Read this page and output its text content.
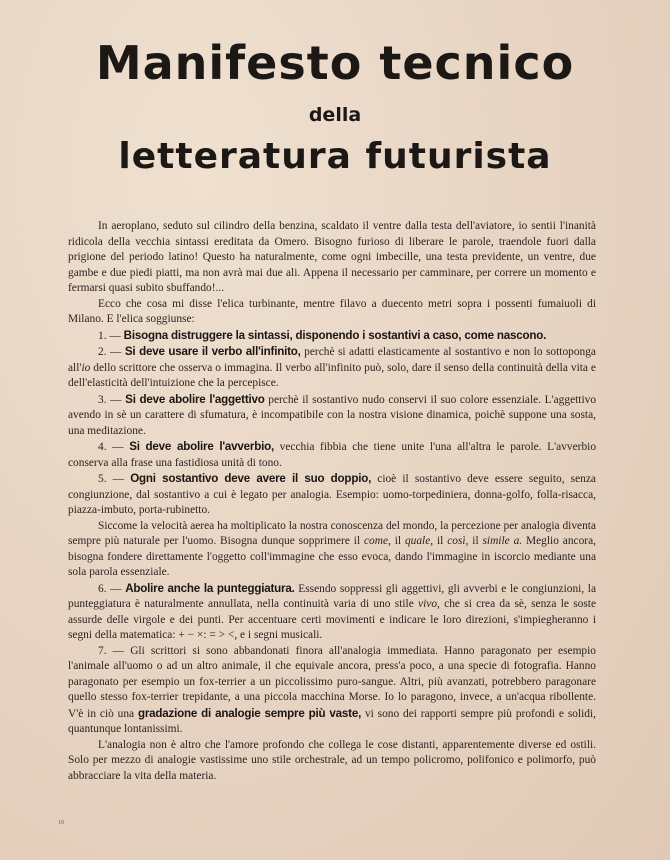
Manifesto tecnico
della
letteratura futurista

In aeroplano, seduto sul cilindro della benzina, scaldato il ventre dalla testa dell'aviatore, io sentii l'inanità ridicola della vecchia sintassi ereditata da Omero. Bisogno furioso di liberare le parole, traendole fuori dalla prigione del periodo latino! Questo ha naturalmente, come ogni imbecille, una testa previdente, un ventre, due gambe e due piedi piatti, ma non avrà mai due ali. Appena il necessario per camminare, per correre un momento e fermarsi quasi subito sbuffando!...

Ecco che cosa mi disse l'elica turbinante, mentre filavo a duecento metri sopra i possenti fumaiuoli di Milano. E l'elica soggiunse:

1. — Bisogna distruggere la sintassi, disponendo i sostantivi a caso, come nascono.

2. — Si deve usare il verbo all'infinito, perchè si adatti elasticamente al sostantivo e non lo sottoponga all'io dello scrittore che osserva o immagina. Il verbo all'infinito può, solo, dare il senso della continuità della vita e dell'elasticità dell'intuizione che la percepisce.

3. — Si deve abolire l'aggettivo perchè il sostantivo nudo conservi il suo colore essenziale. L'aggettivo avendo in sè un carattere di sfumatura, è incompatibile con la nostra visione dinamica, poichè suppone una sosta, una meditazione.

4. — Si deve abolire l'avverbio, vecchia fibbia che tiene unite l'una all'altra le parole. L'avverbio conserva alla frase una fastidiosa unità di tono.

5. — Ogni sostantivo deve avere il suo doppio, cioè il sostantivo deve essere seguito, senza congiunzione, dal sostantivo a cui è legato per analogia. Esempio: uomo-torpediniera, donna-golfo, folla-risacca, piazza-imbuto, porta-rubinetto.

Siccome la velocità aerea ha moltiplicato la nostra conoscenza del mondo, la percezione per analogia diventa sempre più naturale per l'uomo. Bisogna dunque sopprimere il come, il quale, il così, il simile a. Meglio ancora, bisogna fondere direttamente l'oggetto coll'immagine che esso evoca, dando l'immagine in iscorcio mediante una sola parola essenziale.

6. — Abolire anche la punteggiatura. Essendo soppressi gli aggettivi, gli avverbi e le congiunzioni, la punteggiatura è naturalmente annullata, nella continuità varia di uno stile vivo, che si crea da sè, senza le soste assurde delle virgole e dei punti. Per accentuare certi movimenti e indicare le loro direzioni, s'impiegheranno i segni della matematica: + − ×: = > <, e i segni musicali.

7. — Gli scrittori si sono abbandonati finora all'analogia immediata. Hanno paragonato per esempio l'animale all'uomo o ad un altro animale, il che equivale ancora, press'a poco, a una specie di fotografia. Hanno paragonato per esempio un fox-terrier a un piccolissimo puro-sangue. Altri, più avanzati, potrebbero paragonare quello stesso fox-terrier trepidante, a una piccola macchina Morse. Io lo paragono, invece, a un'acqua ribollente. V'è in ciò una gradazione di analogie sempre più vaste, vi sono dei rapporti sempre più profondi e solidi, quantunque lontanissimi.

L'analogia non è altro che l'amore profondo che collega le cose distanti, apparentemente diverse ed ostili. Solo per mezzo di analogie vastissime uno stile orchestrale, ad un tempo policromo, polifonico e polimorfo, può abbracciare la vita della materia.

10
